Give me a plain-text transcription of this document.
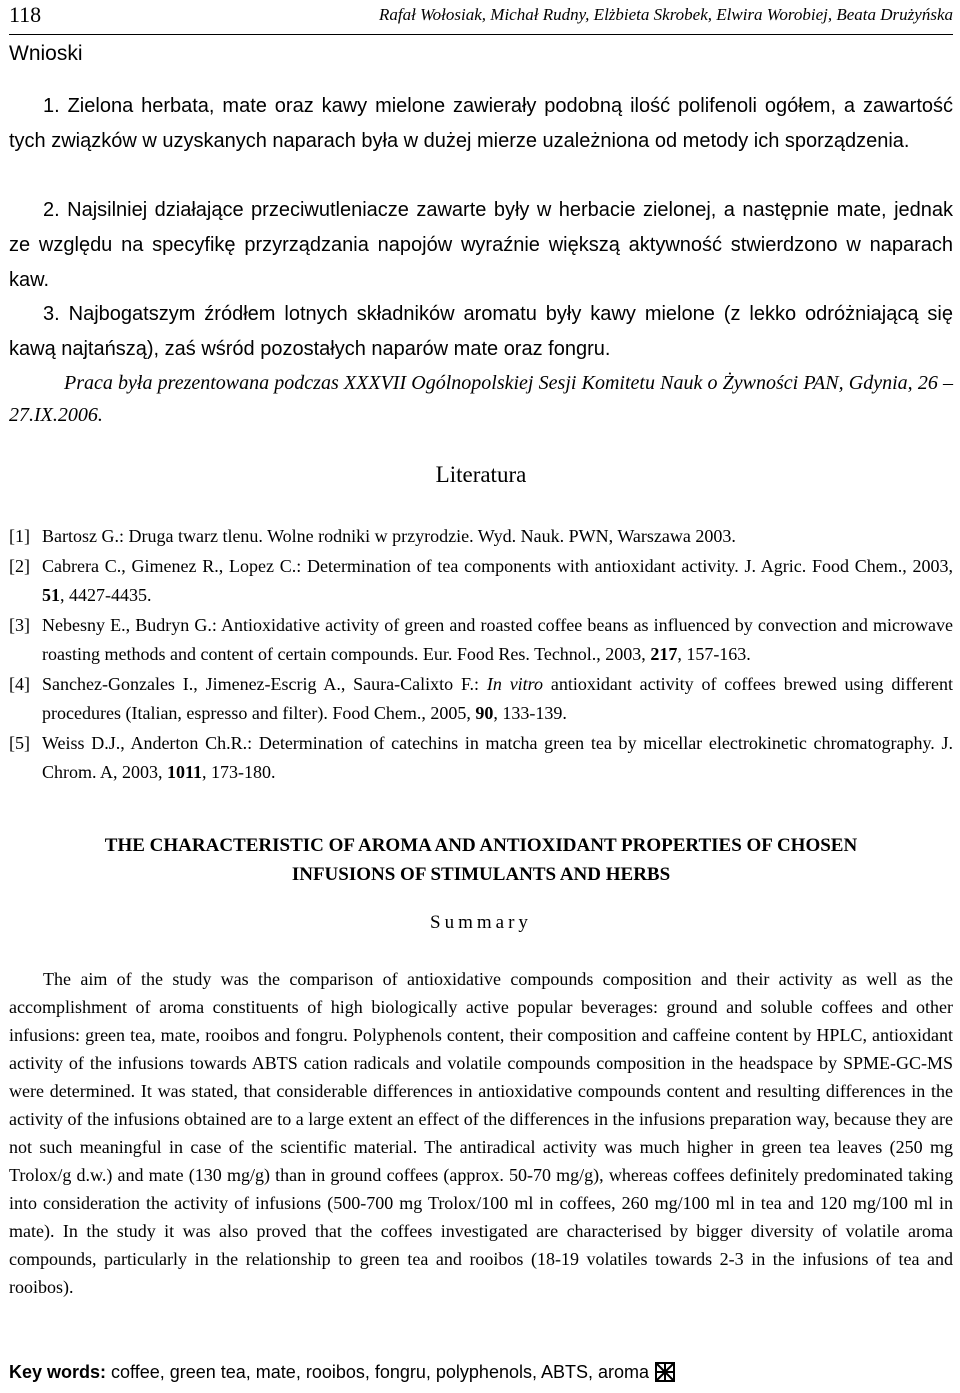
118	Rafał Wołosiak, Michał Rudny, Elżbieta Skrobek, Elwira Worobiej, Beata Drużyńska
Wnioski
1. Zielona herbata, mate oraz kawy mielone zawierały podobną ilość polifenoli ogółem, a zawartość tych związków w uzyskanych naparach była w dużej mierze uzależniona od metody ich sporządzenia.
2. Najsilniej działające przeciwutleniacze zawarte były w herbacie zielonej, a następnie mate, jednak ze względu na specyfikę przyrządzania napojów wyraźnie większą aktywność stwierdzono w naparach kaw.
3. Najbogatszym źródłem lotnych składników aromatu były kawy mielone (z lekko odróżniającą się kawą najtańszą), zaś wśród pozostałych naparów mate oraz fongru.
Praca była prezentowana podczas XXXVII Ogólnopolskiej Sesji Komitetu Nauk o Żywności PAN, Gdynia, 26 – 27.IX.2006.
Literatura
[1] Bartosz G.: Druga twarz tlenu. Wolne rodniki w przyrodzie. Wyd. Nauk. PWN, Warszawa 2003.
[2] Cabrera C., Gimenez R., Lopez C.: Determination of tea components with antioxidant activity. J. Agric. Food Chem., 2003, 51, 4427-4435.
[3] Nebesny E., Budryn G.: Antioxidative activity of green and roasted coffee beans as influenced by convection and microwave roasting methods and content of certain compounds. Eur. Food Res. Technol., 2003, 217, 157-163.
[4] Sanchez-Gonzales I., Jimenez-Escrig A., Saura-Calixto F.: In vitro antioxidant activity of coffees brewed using different procedures (Italian, espresso and filter). Food Chem., 2005, 90, 133-139.
[5] Weiss D.J., Anderton Ch.R.: Determination of catechins in matcha green tea by micellar electrokinetic chromatography. J. Chrom. A, 2003, 1011, 173-180.
THE CHARACTERISTIC OF AROMA AND ANTIOXIDANT PROPERTIES OF CHOSEN
INFUSIONS OF STIMULANTS AND HERBS
Summary
The aim of the study was the comparison of antioxidative compounds composition and their activity as well as the accomplishment of aroma constituents of high biologically active popular beverages: ground and soluble coffees and other infusions: green tea, mate, rooibos and fongru. Polyphenols content, their composition and caffeine content by HPLC, antioxidant activity of the infusions towards ABTS cation radicals and volatile compounds composition in the headspace by SPME-GC-MS were determined. It was stated, that considerable differences in antioxidative compounds content and resulting differences in the activity of the infusions obtained are to a large extent an effect of the differences in the infusions preparation way, because they are not such meaningful in case of the scientific material. The antiradical activity was much higher in green tea leaves (250 mg Trolox/g d.w.) and mate (130 mg/g) than in ground coffees (approx. 50-70 mg/g), whereas coffees definitely predominated taking into consideration the activity of infusions (500-700 mg Trolox/100 ml in coffees, 260 mg/100 ml in tea and 120 mg/100 ml in mate). In the study it was also proved that the coffees investigated are characterised by bigger diversity of volatile aroma compounds, particularly in the relationship to green tea and rooibos (18-19 volatiles towards 2-3 in the infusions of tea and rooibos).
Key words: coffee, green tea, mate, rooibos, fongru, polyphenols, ABTS, aroma
